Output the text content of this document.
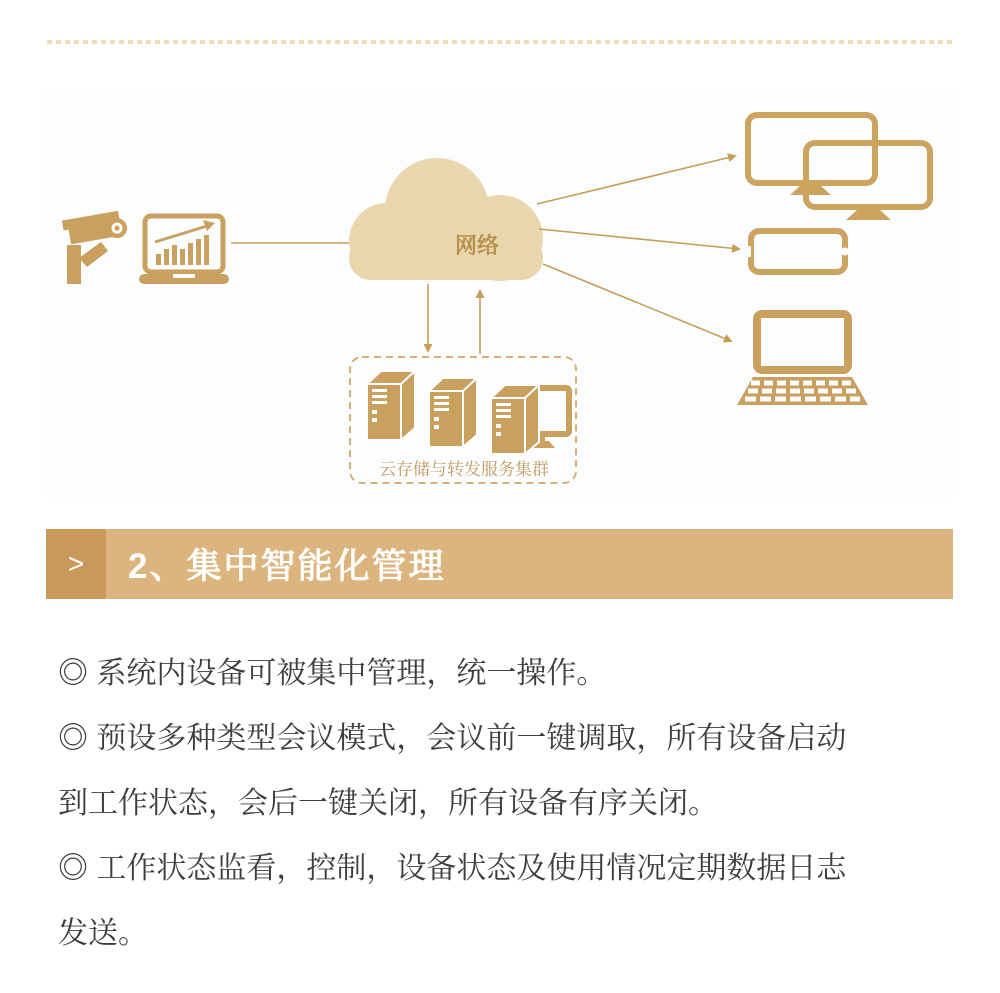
网络
云存储与转发服务集群
>	2、集中智能化管理
◎ 系统内设备可被集中管理，统一操作。
◎ 预设多种类型会议模式，会议前一键调取，所有设备启动
到工作状态，会后一键关闭，所有设备有序关闭。
◎ 工作状态监看，控制，设备状态及使用情况定期数据日志
发送。
